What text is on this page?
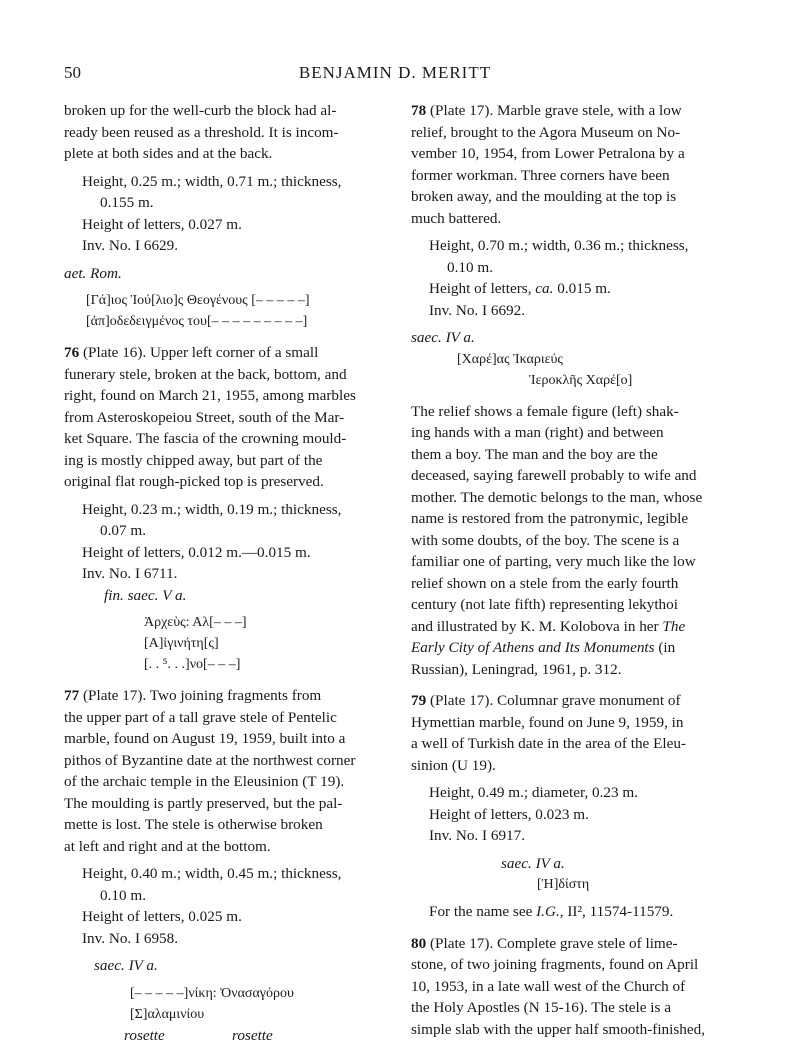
50	BENJAMIN D. MERITT
broken up for the well-curb the block had al-
ready been reused as a threshold. It is incom-
plete at both sides and at the back.
Height, 0.25 m.; width, 0.71 m.; thickness,
0.155 m.
Height of letters, 0.027 m.
Inv. No. I 6629.
aet. Rom.
[Γά]ιος Ἰού[λιο]ς Θεογένους [– – – – –]
[ἀπ]οδεδειγμένος του[– – – – – – – – –]
76 (Plate 16). Upper left corner of a small
funerary stele, broken at the back, bottom, and
right, found on March 21, 1955, among marbles
from Asteroskopeiou Street, south of the Mar-
ket Square. The fascia of the crowning mould-
ing is mostly chipped away, but part of the
original flat rough-picked top is preserved.
Height, 0.23 m.; width, 0.19 m.; thickness,
0.07 m.
Height of letters, 0.012 m.—0.015 m.
Inv. No. I 6711.
fin. saec. V a.
Ἀρχεὺς: Αλ[– – –]
[Α]ἰγινήτη[ς]
[. . ⁵. . .]νο[– – –]
77 (Plate 17). Two joining fragments from
the upper part of a tall grave stele of Pentelic
marble, found on August 19, 1959, built into a
pithos of Byzantine date at the northwest corner
of the archaic temple in the Eleusinion (T 19).
The moulding is partly preserved, but the pal-
mette is lost. The stele is otherwise broken
at left and right and at the bottom.
Height, 0.40 m.; width, 0.45 m.; thickness,
0.10 m.
Height of letters, 0.025 m.
Inv. No. I 6958.
saec. IV a.
[– – – – –]νίκη: Ὀνασαγόρου
[Σ]αλαμινίου
rosette	rosette
78 (Plate 17). Marble grave stele, with a low
relief, brought to the Agora Museum on No-
vember 10, 1954, from Lower Petralona by a
former workman. Three corners have been
broken away, and the moulding at the top is
much battered.
Height, 0.70 m.; width, 0.36 m.; thickness,
0.10 m.
Height of letters, ca. 0.015 m.
Inv. No. I 6692.
saec. IV a.
[Χαρέ]ας Ἰκαριεύς
Ἱεροκλῆς Χαρέ[ο]
The relief shows a female figure (left) shak-
ing hands with a man (right) and between
them a boy. The man and the boy are the
deceased, saying farewell probably to wife and
mother. The demotic belongs to the man, whose
name is restored from the patronymic, legible
with some doubts, of the boy. The scene is a
familiar one of parting, very much like the low
relief shown on a stele from the early fourth
century (not late fifth) representing lekythoi
and illustrated by K. M. Kolobova in her The
Early City of Athens and Its Monuments (in
Russian), Leningrad, 1961, p. 312.
79 (Plate 17). Columnar grave monument of
Hymettian marble, found on June 9, 1959, in
a well of Turkish date in the area of the Eleu-
sinion (U 19).
Height, 0.49 m.; diameter, 0.23 m.
Height of letters, 0.023 m.
Inv. No. I 6917.
saec. IV a.
[Ἡ]δίστη
For the name see I.G., II², 11574-11579.
80 (Plate 17). Complete grave stele of lime-
stone, of two joining fragments, found on April
10, 1953, in a late wall west of the Church of
the Holy Apostles (N 15-16). The stele is a
simple slab with the upper half smooth-finished,
